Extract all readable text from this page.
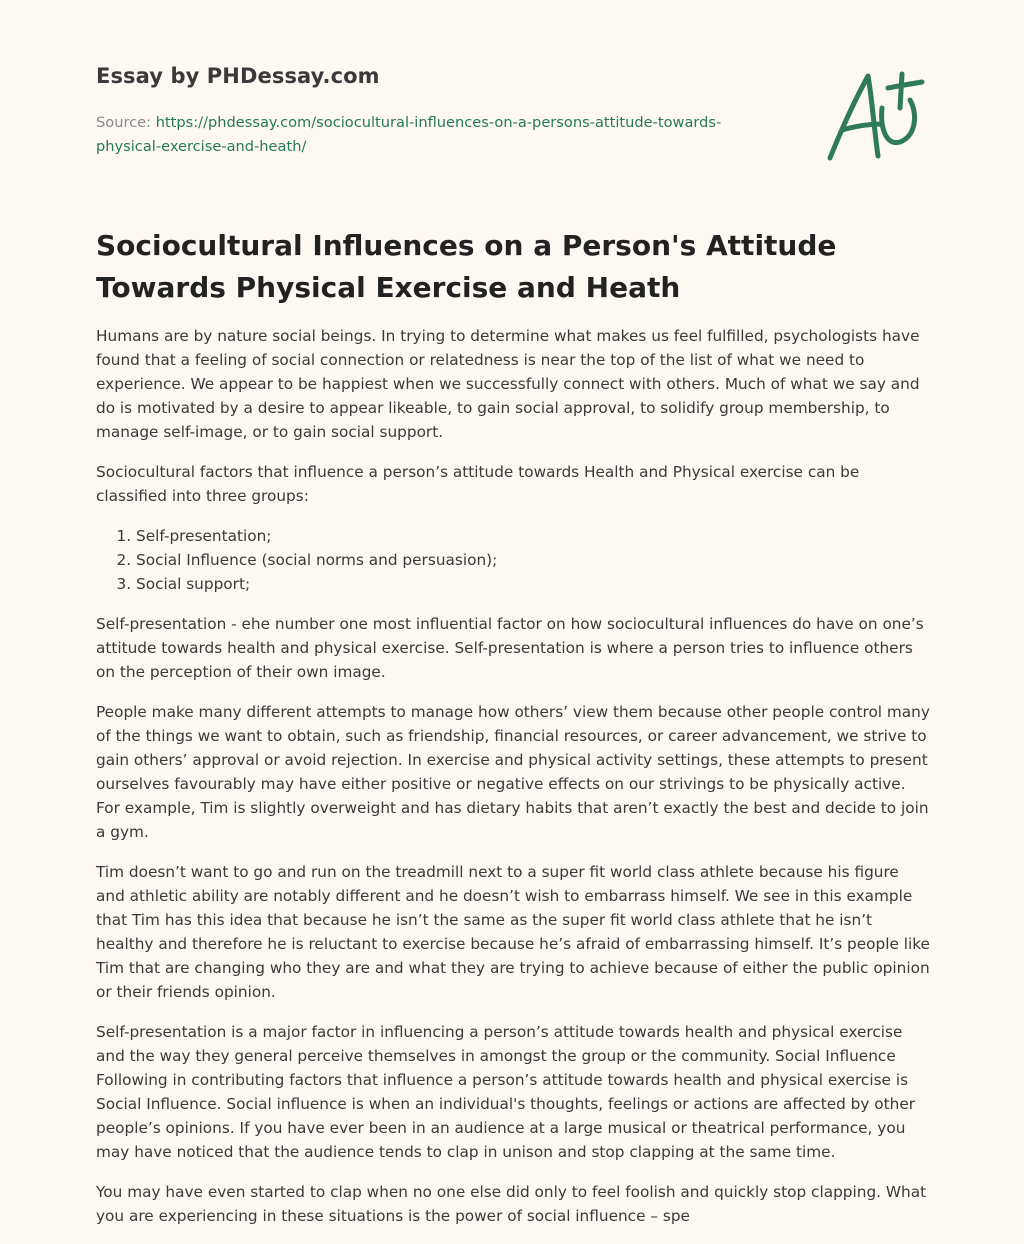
Essay by PHDessay.com
Source: https://phdessay.com/sociocultural-influences-on-a-persons-attitude-towards-physical-exercise-and-heath/
Sociocultural Influences on a Person's Attitude Towards Physical Exercise and Heath

Humans are by nature social beings. In trying to determine what makes us feel fulfilled, psychologists have found that a feeling of social connection or relatedness is near the top of the list of what we need to experience. We appear to be happiest when we successfully connect with others. Much of what we say and do is motivated by a desire to appear likeable, to gain social approval, to solidify group membership, to manage self-image, or to gain social support.

Sociocultural factors that influence a person’s attitude towards Health and Physical exercise can be classified into three groups:

1. Self-presentation;
2. Social Influence (social norms and persuasion);
3. Social support;

Self-presentation - ehe number one most influential factor on how sociocultural influences do have on one’s attitude towards health and physical exercise. Self-presentation is where a person tries to influence others on the perception of their own image.

People make many different attempts to manage how others’ view them because other people control many of the things we want to obtain, such as friendship, financial resources, or career advancement, we strive to gain others’ approval or avoid rejection. In exercise and physical activity settings, these attempts to present ourselves favourably may have either positive or negative effects on our strivings to be physically active. For example, Tim is slightly overweight and has dietary habits that aren’t exactly the best and decide to join a gym.

Tim doesn’t want to go and run on the treadmill next to a super fit world class athlete because his figure and athletic ability are notably different and he doesn’t wish to embarrass himself. We see in this example that Tim has this idea that because he isn’t the same as the super fit world class athlete that he isn’t healthy and therefore he is reluctant to exercise because he’s afraid of embarrassing himself. It’s people like Tim that are changing who they are and what they are trying to achieve because of either the public opinion or their friends opinion.

Self-presentation is a major factor in influencing a person’s attitude towards health and physical exercise and the way they general perceive themselves in amongst the group or the community. Social Influence Following in contributing factors that influence a person’s attitude towards health and physical exercise is Social Influence. Social influence is when an individual's thoughts, feelings or actions are affected by other people’s opinions. If you have ever been in an audience at a large musical or theatrical performance, you may have noticed that the audience tends to clap in unison and stop clapping at the same time.

You may have even started to clap when no one else did only to feel foolish and quickly stop clapping. What you are experiencing in these situations is the power of social influence – spe
